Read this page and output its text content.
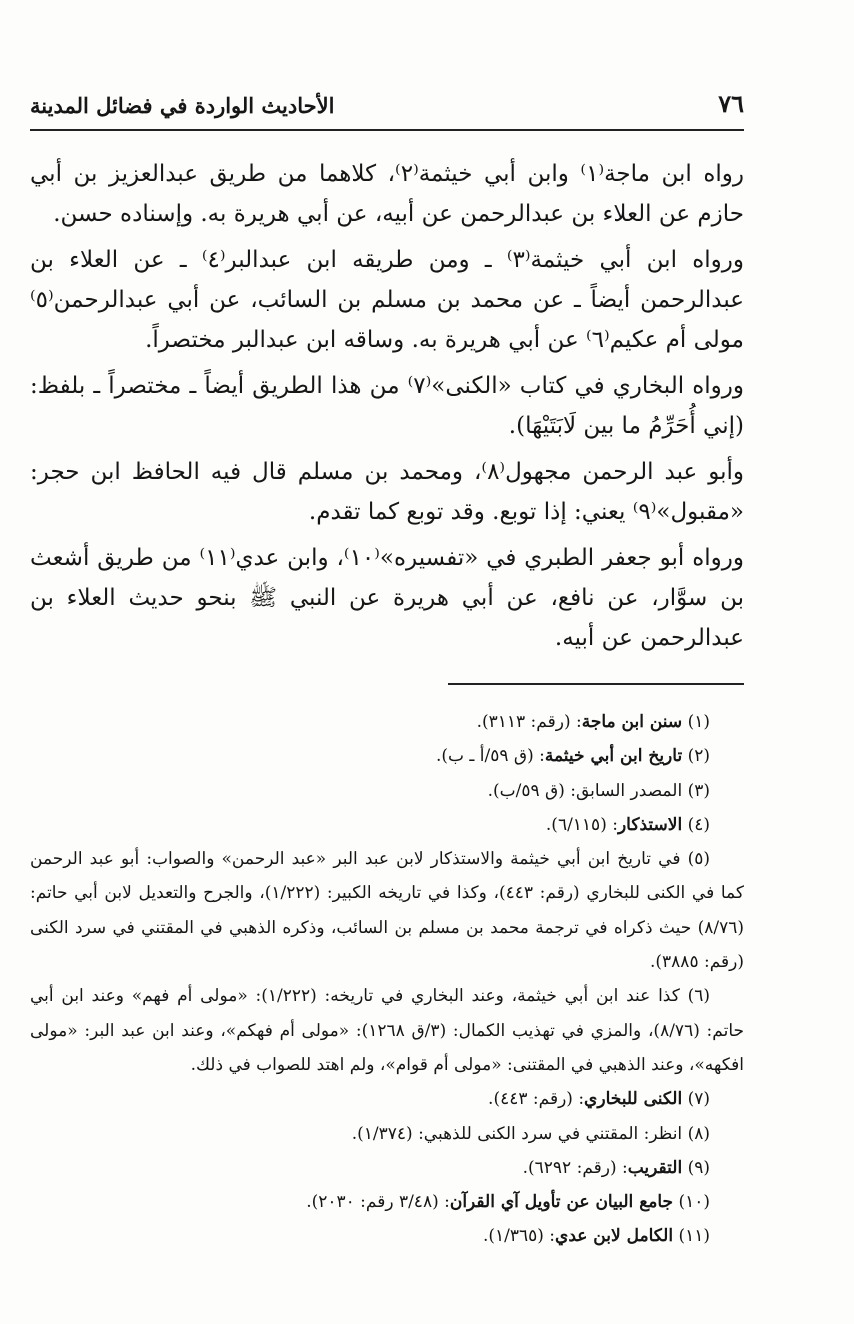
الأحاديث الواردة في فضائل المدينة	٧٦

رواه ابن ماجة⁽١⁾ وابن أبي خيثمة⁽٢⁾، كلاهما من طريق عبدالعزيز بن أبي حازم عن العلاء بن عبدالرحمن عن أبيه، عن أبي هريرة به. وإسناده حسن.

ورواه ابن أبي خيثمة⁽٣⁾ ـ ومن طريقه ابن عبدالبر⁽٤⁾ ـ عن العلاء بن عبدالرحمن أيضاً ـ عن محمد بن مسلم بن السائب، عن أبي عبدالرحمن⁽٥⁾ مولى أم عكيم⁽٦⁾ عن أبي هريرة به. وساقه ابن عبدالبر مختصراً.

ورواه البخاري في كتاب «الكنى»⁽٧⁾ من هذا الطريق أيضاً ـ مختصراً ـ بلفظ: (إني أُحَرِّمُ ما بين لَابَتَيْهَا).

وأبو عبد الرحمن مجهول⁽٨⁾، ومحمد بن مسلم قال فيه الحافظ ابن حجر: «مقبول»⁽٩⁾ يعني: إذا توبع. وقد توبع كما تقدم.

ورواه أبو جعفر الطبري في «تفسيره»⁽١٠⁾، وابن عدي⁽١١⁾ من طريق أشعث بن سوَّار، عن نافع، عن أبي هريرة عن النبي ﷺ بنحو حديث العلاء بن عبدالرحمن عن أبيه.

(١) سنن ابن ماجة: (رقم: ٣١١٣).

(٢) تاريخ ابن أبي خيثمة: (ق ٥٩/أ ـ ب).

(٣) المصدر السابق: (ق ٥٩/ب).

(٤) الاستذكار: (٦/١١٥).

(٥) في تاريخ ابن أبي خيثمة والاستذكار لابن عبد البر «عبد الرحمن» والصواب: أبو عبد الرحمن كما في الكنى للبخاري (رقم: ٤٤٣)، وكذا في تاريخه الكبير: (١/٢٢٢)، والجرح والتعديل لابن أبي حاتم: (٨/٧٦) حيث ذكراه في ترجمة محمد بن مسلم بن السائب، وذكره الذهبي في المقتني في سرد الكنى (رقم: ٣٨٨٥).

(٦) كذا عند ابن أبي خيثمة، وعند البخاري في تاريخه: (١/٢٢٢): «مولى أم فهم» وعند ابن أبي حاتم: (٨/٧٦)، والمزي في تهذيب الكمال: (٣/ق ١٢٦٨): «مولى أم فهكم»، وعند ابن عبد البر: «مولى افكهه»، وعند الذهبي في المقتنى: «مولى أم قوام»، ولم اهتد للصواب في ذلك.

(٧) الكنى للبخاري: (رقم: ٤٤٣).

(٨) انظر: المقتني في سرد الكنى للذهبي: (١/٣٧٤).

(٩) التقريب: (رقم: ٦٢٩٢).

(١٠) جامع البيان عن تأويل آي القرآن: (٣/٤٨ رقم: ٢٠٣٠).

(١١) الكامل لابن عدي: (١/٣٦٥).
